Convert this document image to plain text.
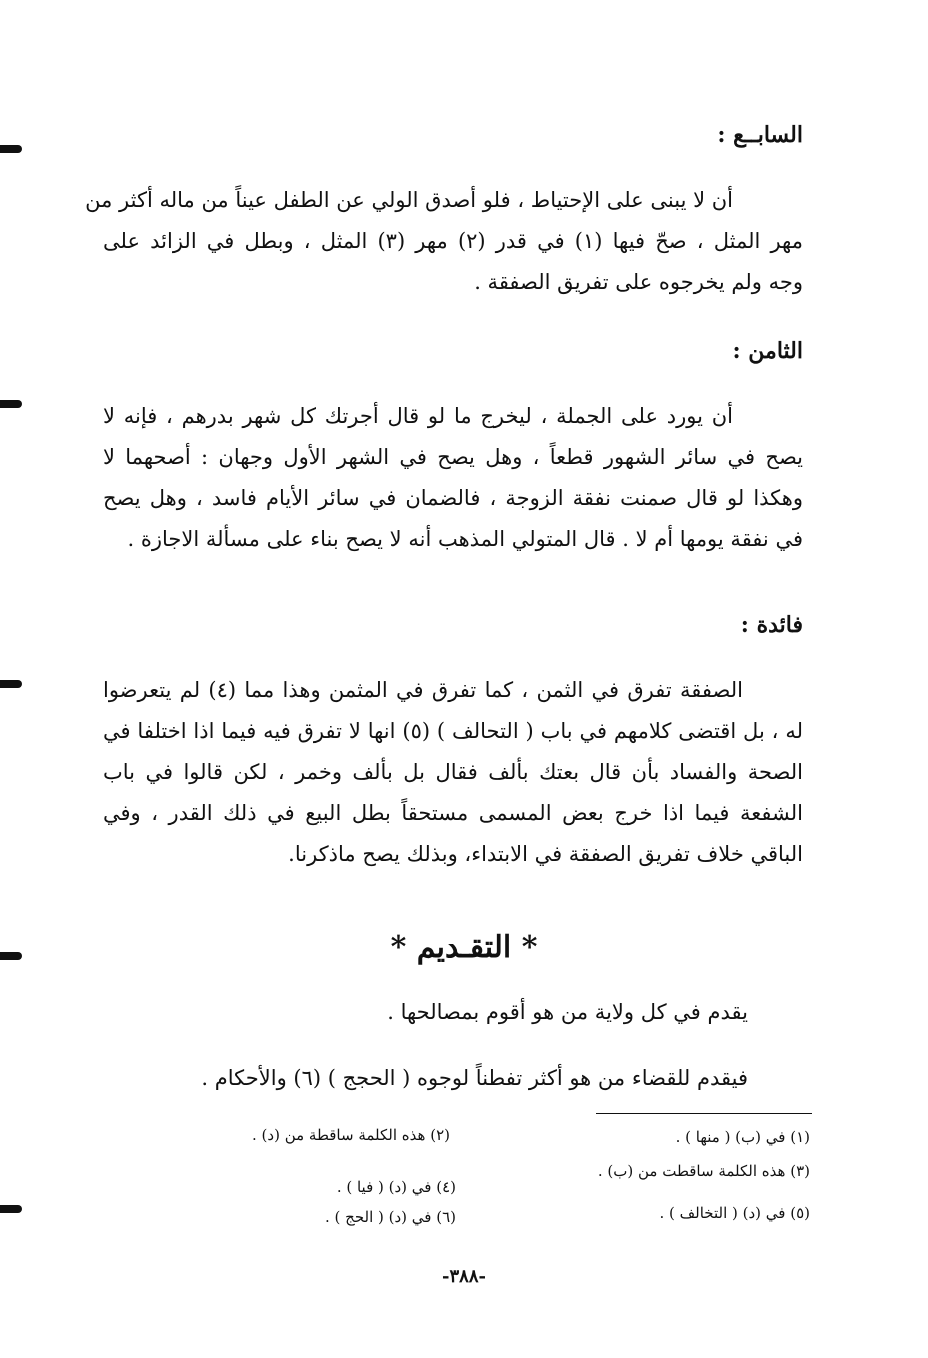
السابــع :
أن لا يبنى على الإحتياط ، فلو أصدق الولي عن الطفل عيناً من ماله أكثر من
مهر المثل ، صحّ فيها (١) في قدر (٢) مهر (٣) المثل ، وبطل في الزائد على
وجه ولم يخرجوه على تفريق الصفقة .
الثامن :
أن يورد على الجملة ، ليخرج ما لو قال أجرتك كل شهر بدرهم ، فإنه لا
يصح في سائر الشهور قطعاً ، وهل يصح في الشهر الأول وجهان : أصحهما لا
وهكذا لو قال صمنت نفقة الزوجة ، فالضمان في سائر الأيام فاسد ، وهل يصح
في نفقة يومها أم لا . قال المتولي المذهب أنه لا يصح بناء على مسألة الاجازة .
فائدة :
الصفقة تفرق في الثمن ، كما تفرق في المثمن وهذا مما (٤) لم يتعرضوا
له ، بل اقتضى كلامهم في باب ( التحالف ) (٥) انها لا تفرق فيه فيما اذا اختلفا في
الصحة والفساد بأن قال بعتك بألف فقال بل بألف وخمر ، لكن قالوا في باب
الشفعة فيما اذا خرج بعض المسمى مستحقاً بطل البيع في ذلك القدر ، وفي
الباقي خلاف تفريق الصفقة في الابتداء، وبذلك يصح ماذكرنا.
* التقـديم *
يقدم في كل ولاية من هو أقوم بمصالحها .
فيقدم للقضاء من هو أكثر تفطناً لوجوه ( الحجج ) (٦) والأحكام .
(١) في (ب) ( منها ) .
(٢) هذه الكلمة ساقطة من (د) .
(٣) هذه الكلمة ساقطت من (ب) .
(٤) في (د) ( فيا ) .
(٥) في (د) ( التخالف ) .
(٦) في (د) ( الحج ) .
-٣٨٨-
